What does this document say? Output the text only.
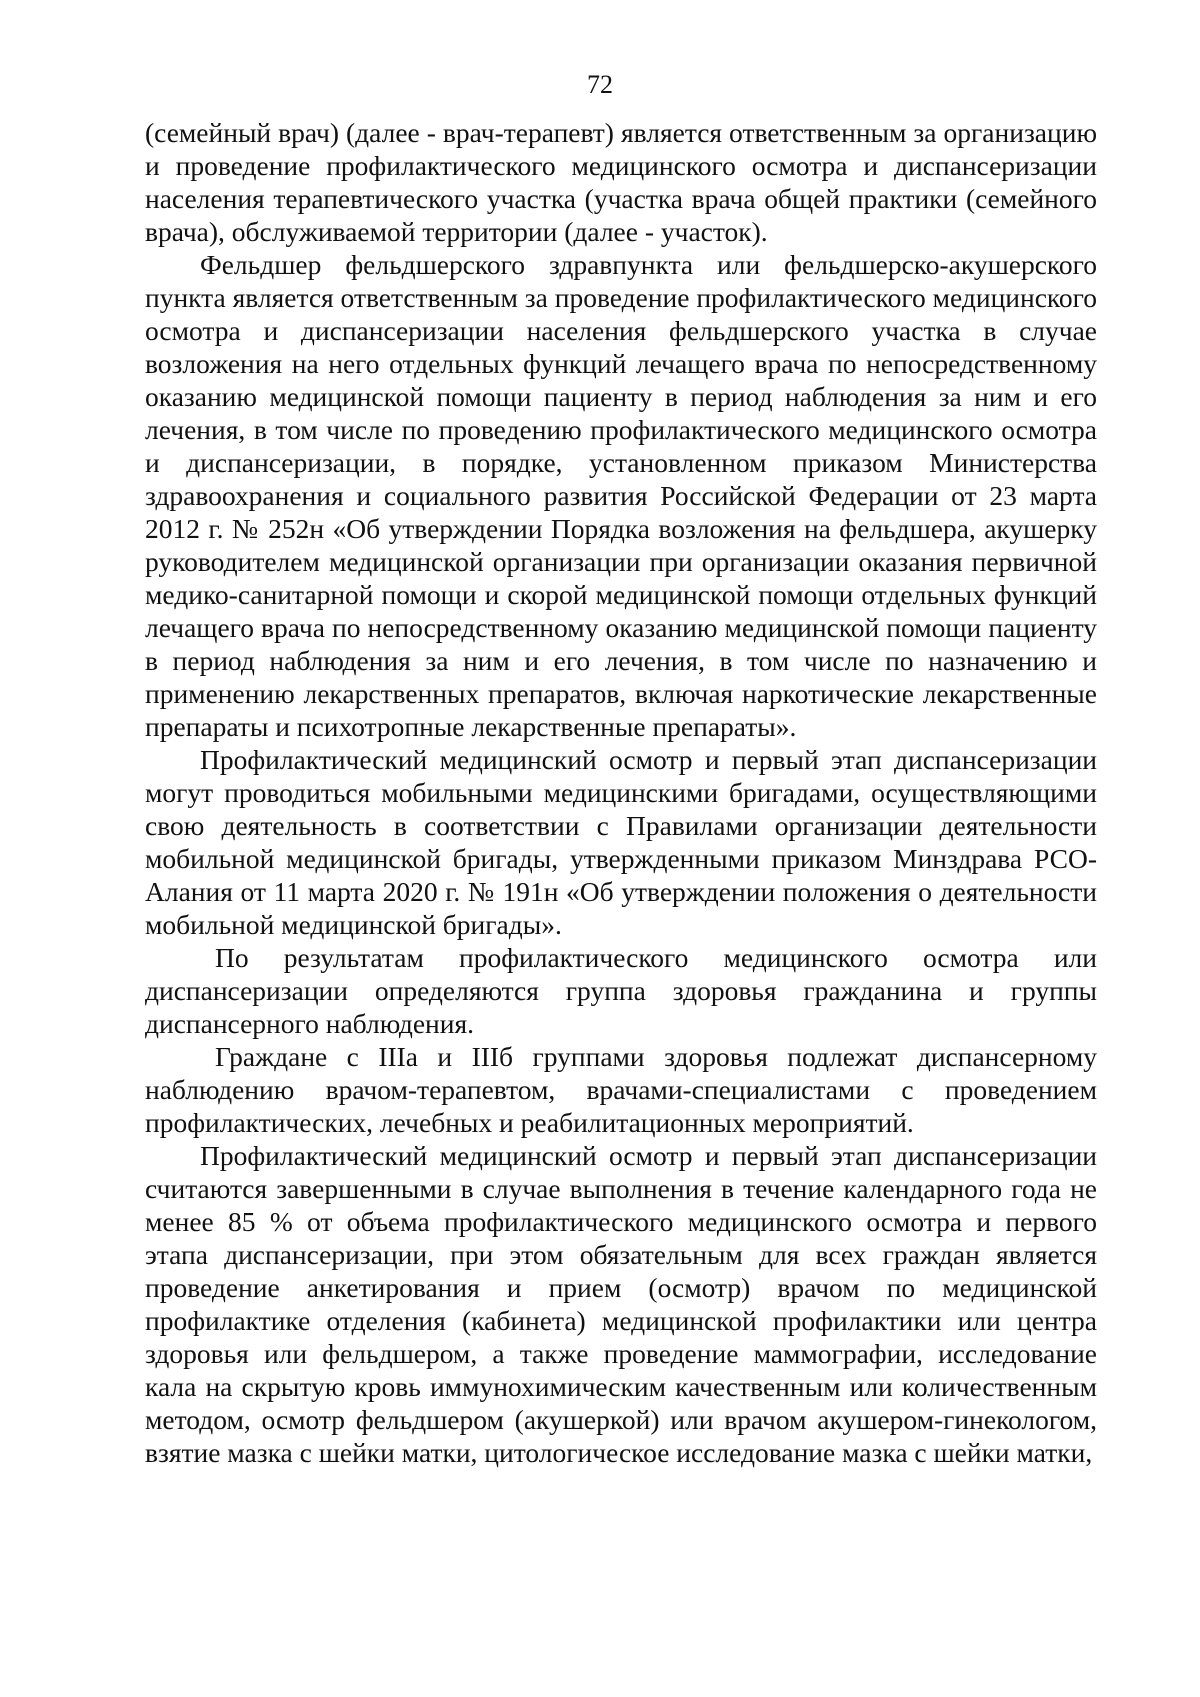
72

(семейный врач) (далее - врач-терапевт) является ответственным за организацию и проведение профилактического медицинского осмотра и диспансеризации населения терапевтического участка (участка врача общей практики (семейного врача), обслуживаемой территории (далее - участок).

Фельдшер фельдшерского здравпункта или фельдшерско-акушерского пункта является ответственным за проведение профилактического медицинского осмотра и диспансеризации населения фельдшерского участка в случае возложения на него отдельных функций лечащего врача по непосредственному оказанию медицинской помощи пациенту в период наблюдения за ним и его лечения, в том числе по проведению профилактического медицинского осмотра и диспансеризации, в порядке, установленном приказом Министерства здравоохранения и социального развития Российской Федерации от 23 марта 2012 г. № 252н «Об утверждении Порядка возложения на фельдшера, акушерку руководителем медицинской организации при организации оказания первичной медико-санитарной помощи и скорой медицинской помощи отдельных функций лечащего врача по непосредственному оказанию медицинской помощи пациенту в период наблюдения за ним и его лечения, в том числе по назначению и применению лекарственных препаратов, включая наркотические лекарственные препараты и психотропные лекарственные препараты».

Профилактический медицинский осмотр и первый этап диспансеризации могут проводиться мобильными медицинскими бригадами, осуществляющими свою деятельность в соответствии с Правилами организации деятельности мобильной медицинской бригады, утвержденными приказом Минздрава РСО-Алания от 11 марта 2020 г. № 191н «Об утверждении положения о деятельности мобильной медицинской бригады».

По результатам профилактического медицинского осмотра или диспансеризации определяются группа здоровья гражданина и группы диспансерного наблюдения.

Граждане с IIIа и IIIб группами здоровья подлежат диспансерному наблюдению врачом-терапевтом, врачами-специалистами с проведением профилактических, лечебных и реабилитационных мероприятий.

Профилактический медицинский осмотр и первый этап диспансеризации считаются завершенными в случае выполнения в течение календарного года не менее 85 % от объема профилактического медицинского осмотра и первого этапа диспансеризации, при этом обязательным для всех граждан является проведение анкетирования и прием (осмотр) врачом по медицинской профилактике отделения (кабинета) медицинской профилактики или центра здоровья или фельдшером, а также проведение маммографии, исследование кала на скрытую кровь иммунохимическим качественным или количественным методом, осмотр фельдшером (акушеркой) или врачом акушером-гинекологом, взятие мазка с шейки матки, цитологическое исследование мазка с шейки матки,
